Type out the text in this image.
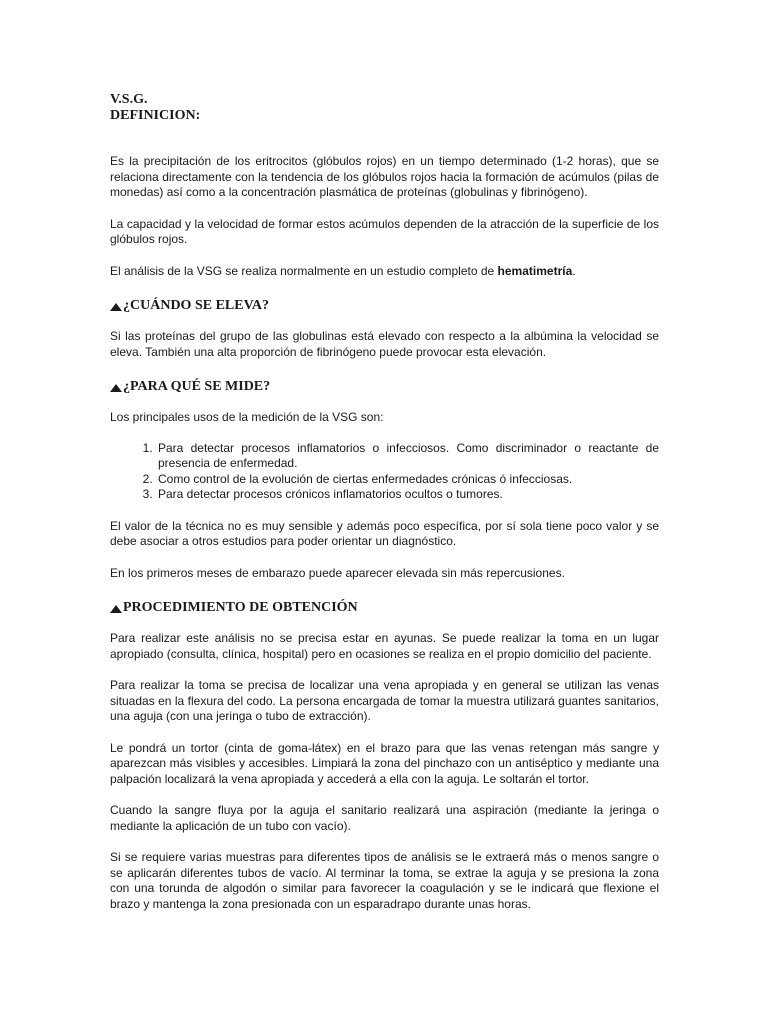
V.S.G.
DEFINICION:

Es la precipitación de los eritrocitos (glóbulos rojos) en un tiempo determinado (1-2 horas), que se relaciona directamente con la tendencia de los glóbulos rojos hacia la formación de acúmulos (pilas de monedas) así como a la concentración plasmática de proteínas (globulinas y fibrinógeno).

La capacidad y la velocidad de formar estos acúmulos dependen de la atracción de la superficie de los glóbulos rojos.

El análisis de la VSG se realiza normalmente en un estudio completo de hematimetría.

¿CUÁNDO SE ELEVA?

Si las proteínas del grupo de las globulinas está elevado con respecto a la albúmina la velocidad se eleva. También una alta proporción de fibrinógeno puede provocar esta elevación.

¿PARA QUÉ SE MIDE?

Los principales usos de la medición de la VSG son:

1. Para detectar procesos inflamatorios o infecciosos. Como discriminador o reactante de presencia de enfermedad.
2. Como control de la evolución de ciertas enfermedades crónicas ó infecciosas.
3. Para detectar procesos crónicos inflamatorios ocultos o tumores.

El valor de la técnica no es muy sensible y además poco específica, por sí sola tiene poco valor y se debe asociar a otros estudios para poder orientar un diagnóstico.

En los primeros meses de embarazo puede aparecer elevada sin más repercusiones.

PROCEDIMIENTO DE OBTENCIÓN

Para realizar este análisis no se precisa estar en ayunas. Se puede realizar la toma en un lugar apropiado (consulta, clínica, hospital) pero en ocasiones se realiza en el propio domicilio del paciente.

Para realizar la toma se precisa de localizar una vena apropiada y en general se utilizan las venas situadas en la flexura del codo. La persona encargada de tomar la muestra utilizará guantes sanitarios, una aguja (con una jeringa o tubo de extracción).

Le pondrá un tortor (cinta de goma-látex) en el brazo para que las venas retengan más sangre y aparezcan más visibles y accesibles. Limpiará la zona del pinchazo con un antiséptico y mediante una palpación localizará la vena apropiada y accederá a ella con la aguja. Le soltarán el tortor.

Cuando la sangre fluya por la aguja el sanitario realizará una aspiración (mediante la jeringa o mediante la aplicación de un tubo con vacío).

Si se requiere varias muestras para diferentes tipos de análisis se le extraerá más o menos sangre o se aplicarán diferentes tubos de vacío. Al terminar la toma, se extrae la aguja y se presiona la zona con una torunda de algodón o similar para favorecer la coagulación y se le indicará que flexione el brazo y mantenga la zona presionada con un esparadrapo durante unas horas.
